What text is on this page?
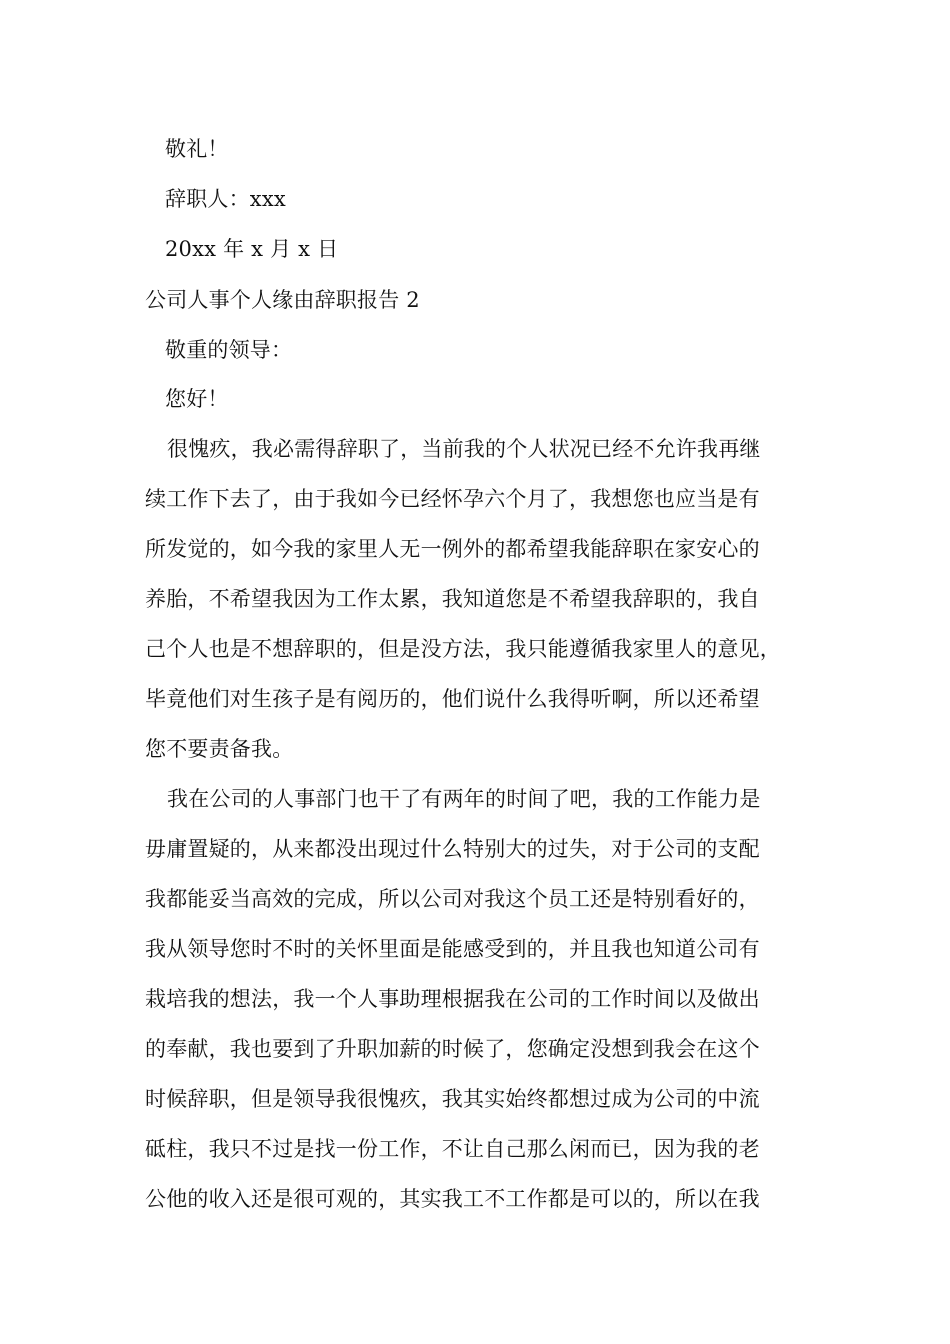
敬礼！
辞职人：xxx
20xx 年 x 月 x 日
公司人事个人缘由辞职报告 2
敬重的领导：
您好！
很愧疚，我必需得辞职了，当前我的个人状况已经不允许我再继
续工作下去了，由于我如今已经怀孕六个月了，我想您也应当是有
所发觉的，如今我的家里人无一例外的都希望我能辞职在家安心的
养胎，不希望我因为工作太累，我知道您是不希望我辞职的，我自
己个人也是不想辞职的，但是没方法，我只能遵循我家里人的意见，
毕竟他们对生孩子是有阅历的，他们说什么我得听啊，所以还希望
您不要责备我。
我在公司的人事部门也干了有两年的时间了吧，我的工作能力是
毋庸置疑的，从来都没出现过什么特别大的过失，对于公司的支配
我都能妥当高效的完成，所以公司对我这个员工还是特别看好的，
我从领导您时不时的关怀里面是能感受到的，并且我也知道公司有
栽培我的想法，我一个人事助理根据我在公司的工作时间以及做出
的奉献，我也要到了升职加薪的时候了，您确定没想到我会在这个
时候辞职，但是领导我很愧疚，我其实始终都想过成为公司的中流
砥柱，我只不过是找一份工作，不让自己那么闲而已，因为我的老
公他的收入还是很可观的，其实我工不工作都是可以的，所以在我
